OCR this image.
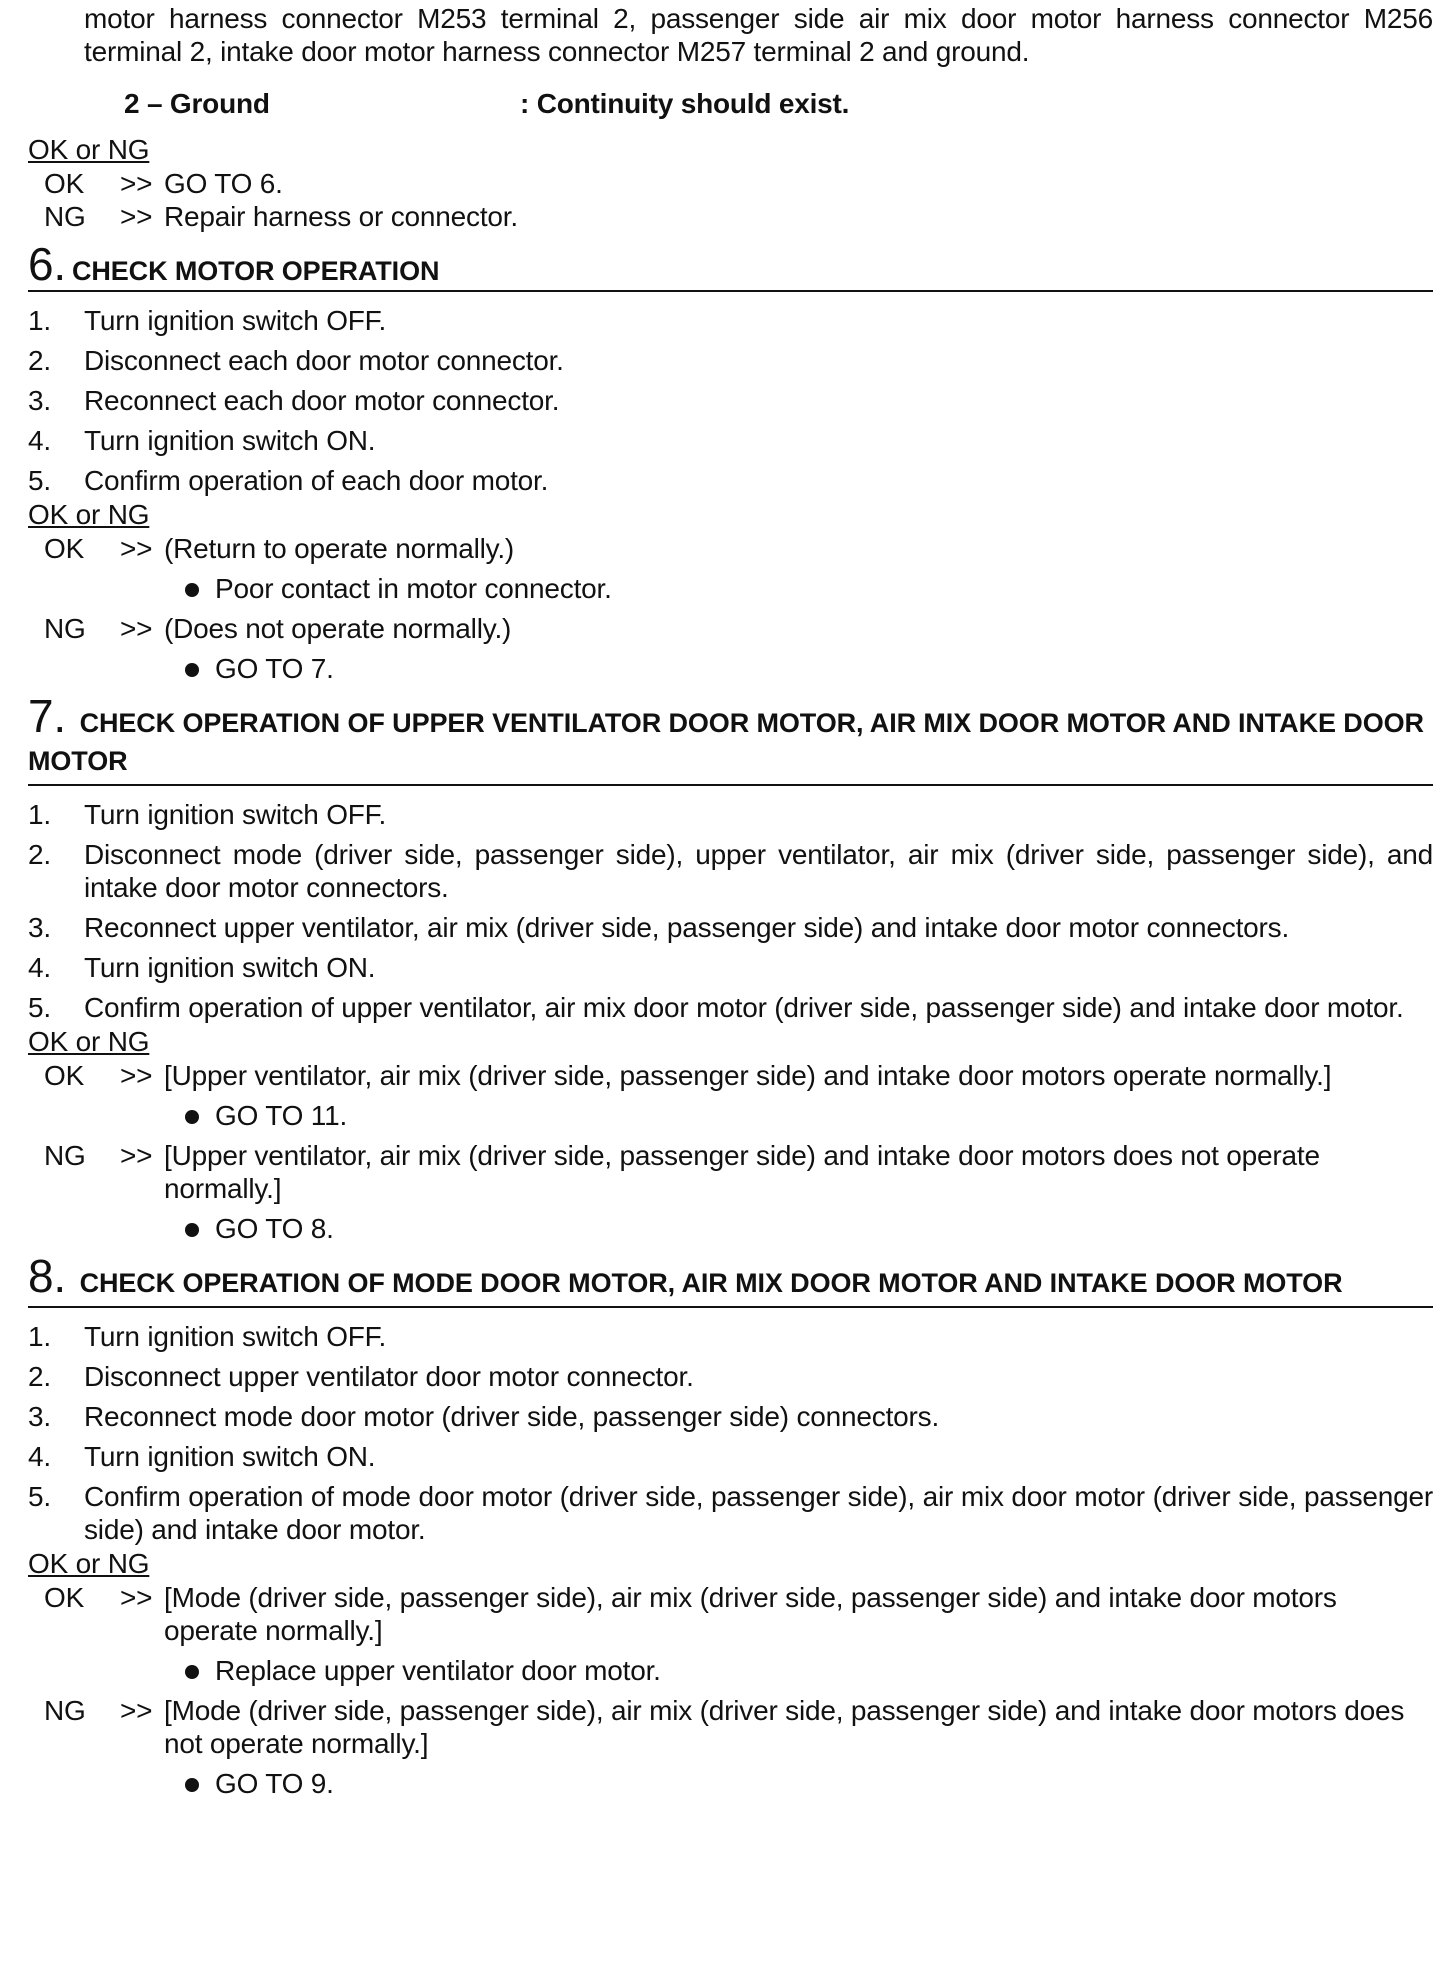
motor harness connector M253 terminal 2, passenger side air mix door motor harness connector M256 terminal 2, intake door motor harness connector M257 terminal 2 and ground.
2 – Ground	: Continuity should exist.
OK or NG
OK >> GO TO 6.
NG >> Repair harness or connector.
6. CHECK MOTOR OPERATION
1.	Turn ignition switch OFF.
2.	Disconnect each door motor connector.
3.	Reconnect each door motor connector.
4.	Turn ignition switch ON.
5.	Confirm operation of each door motor.
OK or NG
OK >> (Return to operate normally.)
Poor contact in motor connector.
NG >> (Does not operate normally.)
GO TO 7.
7. CHECK OPERATION OF UPPER VENTILATOR DOOR MOTOR, AIR MIX DOOR MOTOR AND INTAKE DOOR MOTOR
1.	Turn ignition switch OFF.
2.	Disconnect mode (driver side, passenger side), upper ventilator, air mix (driver side, passenger side), and intake door motor connectors.
3.	Reconnect upper ventilator, air mix (driver side, passenger side) and intake door motor connectors.
4.	Turn ignition switch ON.
5.	Confirm operation of upper ventilator, air mix door motor (driver side, passenger side) and intake door motor.
OK or NG
OK >> [Upper ventilator, air mix (driver side, passenger side) and intake door motors operate normally.]
GO TO 11.
NG >> [Upper ventilator, air mix (driver side, passenger side) and intake door motors does not operate normally.]
GO TO 8.
8. CHECK OPERATION OF MODE DOOR MOTOR, AIR MIX DOOR MOTOR AND INTAKE DOOR MOTOR
1.	Turn ignition switch OFF.
2.	Disconnect upper ventilator door motor connector.
3.	Reconnect mode door motor (driver side, passenger side) connectors.
4.	Turn ignition switch ON.
5.	Confirm operation of mode door motor (driver side, passenger side), air mix door motor (driver side, passenger side) and intake door motor.
OK or NG
OK >> [Mode (driver side, passenger side), air mix (driver side, passenger side) and intake door motors operate normally.]
Replace upper ventilator door motor.
NG >> [Mode (driver side, passenger side), air mix (driver side, passenger side) and intake door motors does not operate normally.]
GO TO 9.
